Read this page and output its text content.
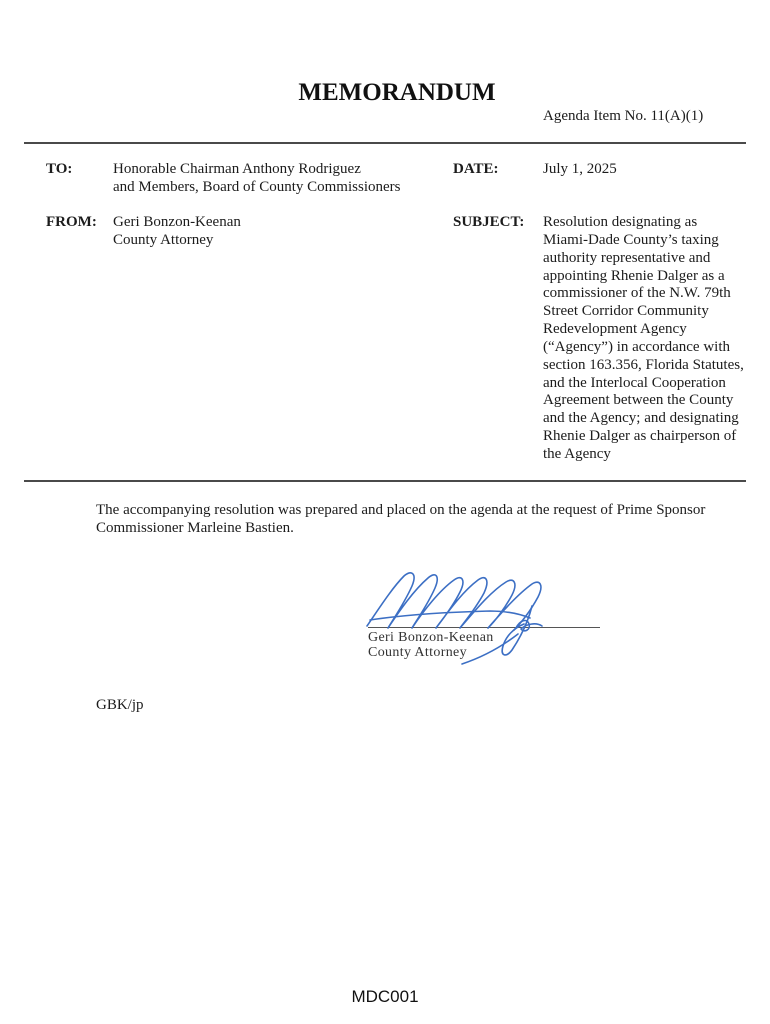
MEMORANDUM
Agenda Item No. 11(A)(1)
TO:	Honorable Chairman Anthony Rodriguez
and Members, Board of County Commissioners
DATE:	July 1, 2025
FROM: Geri Bonzon-Keenan
County Attorney
SUBJECT: Resolution designating as
Miami-Dade County’s taxing
authority representative and
appointing Rhenie Dalger as a
commissioner of the N.W. 79th
Street Corridor Community
Redevelopment Agency
(“Agency”) in accordance with
section 163.356, Florida Statutes,
and the Interlocal Cooperation
Agreement between the County
and the Agency; and designating
Rhenie Dalger as chairperson of
the Agency
The accompanying resolution was prepared and placed on the agenda at the request of Prime Sponsor
Commissioner Marleine Bastien.
Geri Bonzon-Keenan
County Attorney
GBK/jp
MDC001
